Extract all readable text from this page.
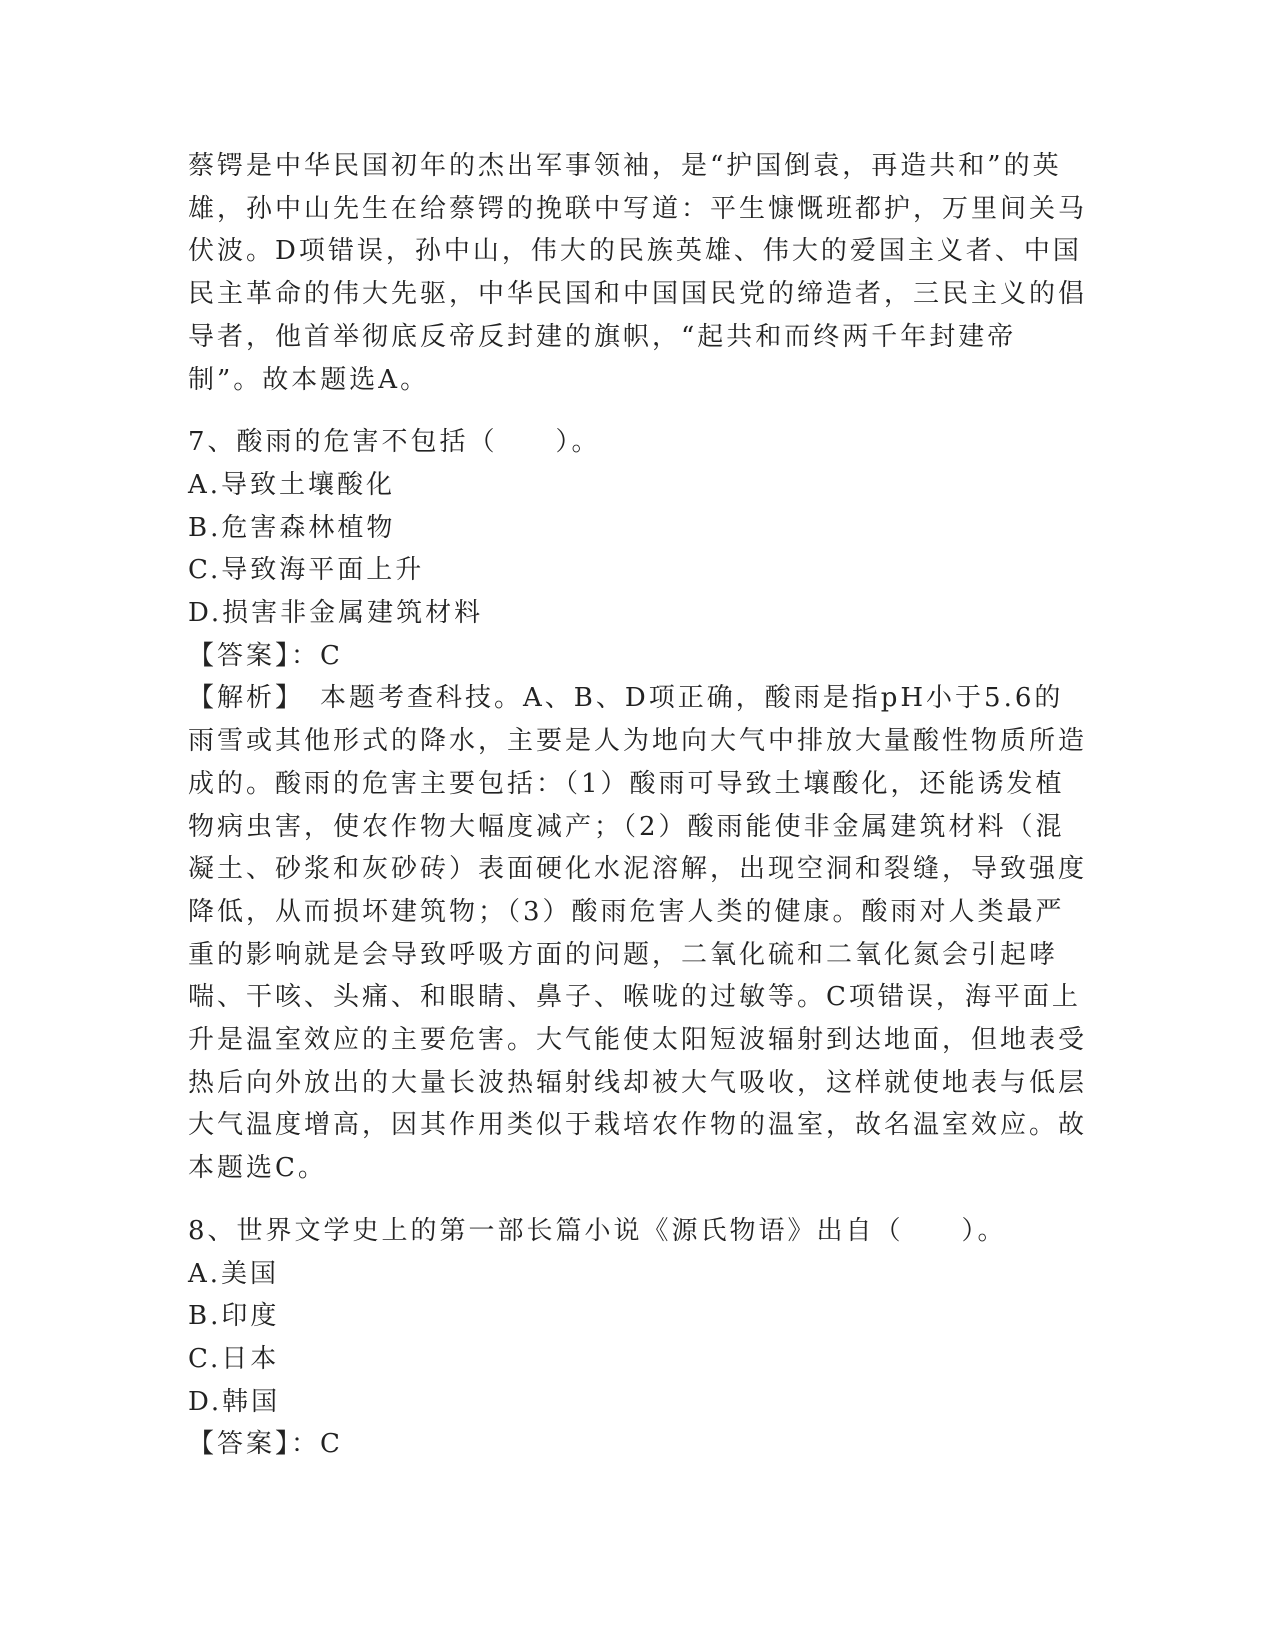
蔡锷是中华民国初年的杰出军事领袖，是“护国倒袁，再造共和”的英雄，孙中山先生在给蔡锷的挽联中写道：平生慷慨班都护，万里间关马伏波。D项错误，孙中山，伟大的民族英雄、伟大的爱国主义者、中国民主革命的伟大先驱，中华民国和中国国民党的缔造者，三民主义的倡导者，他首举彻底反帝反封建的旗帜，“起共和而终两千年封建帝制”。故本题选A。

7、酸雨的危害不包括（　　）。

A.导致土壤酸化

B.危害森林植物

C.导致海平面上升

D.损害非金属建筑材料

【答案】：C

【解析】　本题考查科技。A、B、D项正确，酸雨是指pH小于5.6的雨雪或其他形式的降水，主要是人为地向大气中排放大量酸性物质所造成的。酸雨的危害主要包括：（1）酸雨可导致土壤酸化，还能诱发植物病虫害，使农作物大幅度减产；（2）酸雨能使非金属建筑材料（混凝土、砂浆和灰砂砖）表面硬化水泥溶解，出现空洞和裂缝，导致强度降低，从而损坏建筑物；（3）酸雨危害人类的健康。酸雨对人类最严重的影响就是会导致呼吸方面的问题，二氧化硫和二氧化氮会引起哮喘、干咳、头痛、和眼睛、鼻子、喉咙的过敏等。C项错误，海平面上升是温室效应的主要危害。大气能使太阳短波辐射到达地面，但地表受热后向外放出的大量长波热辐射线却被大气吸收，这样就使地表与低层大气温度增高，因其作用类似于栽培农作物的温室，故名温室效应。故本题选C。

8、世界文学史上的第一部长篇小说《源氏物语》出自（　　）。

A.美国

B.印度

C.日本

D.韩国

【答案】：C
